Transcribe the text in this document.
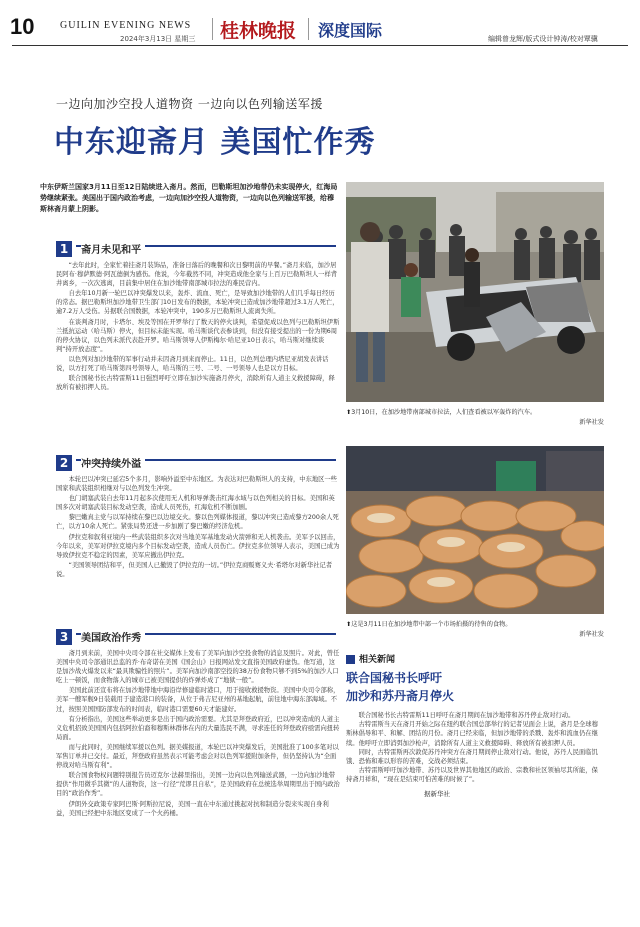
10	GUILIN EVENING NEWS
2024年3月13日 星期三 桂林晚报 深度国际	编辑曾龙辉/版式设计钟涛/校对覃骥
一边向加沙空投人道物资 一边向以色列输送军援
中东迎斋月 美国忙作秀
中东伊斯兰国家3月11日至12日陆续进入斋月。然而，巴勒斯坦加沙地带仍未实现停火，红海局势继续紧张。美国出于国内政治考虑，一边向加沙空投人道物资，一边向以色列输送军援，给穆斯林斋月蒙上阴影。
1 斋月未见和平

“去年此时，全家忙着挂斋月装饰品，准备日落后的晚餐和次日黎明前的早餐。”斋月来临，加沙居民阿布·穆萨默德·阿瓦德倒为感伤。他说，今年截然不同，冲突造成他全家与上百万巴勒斯坦人一样背井离乡，一次次逃离，目前集中居住在加沙地带南部城市拉法的难民营内。

自去年10月新一轮巴以冲突爆发以来，轰炸、流血、死亡，是导致加沙地带的人们几乎每日经历的常态。据巴勒斯坦加沙地带卫生部门10日发布的数据，本轮冲突已造成加沙地带超过3.1万人死亡，逾7.2万人受伤。另据联合国数据，本轮冲突中，190多万巴勒斯坦人流离失所。

在谈判斋月时，卡塔尔、埃及等国在开罗举行了数天的停火谈判，希望促成以色列与巴勒斯坦伊斯兰抵抗运动（哈马斯）停火，但目标未能实现。哈马斯谈代表参谈到，但没有接受提出的一份为期6周的停火协议，以色列未派代表赴开罗。哈马斯领导人伊斯梅尔·哈尼亚10日表示，哈马斯对继续谈判“持开放态度”。

以色列对加沙地带的军事行动并未因斋月到来而停止。11日，以色列总理内塔尼亚胡发表讲话说，以方打死了哈马斯第四号领导人，哈马斯的三号、二号、一号领导人也是以方目标。

联合国秘书长古特雷斯11日强烈呼吁立即在加沙实施斋月停火，消除所有人道主义救援障碍，释放所有被扣押人员。

2 冲突持续外溢

本轮巴以冲突已延宕5个多月，影响外溢至中东地区。为表达对巴勒斯坦人的支持，中东地区一些国家和武装组织相继对与以色列发生冲突。

也门胡塞武装自去年11月起多次使用无人机和导弹袭击红海水域与以色列相关的目标。美国和英国多次对胡塞武装目标发动空袭，造成人员死伤，红海危机不断加剧。

黎巴嫩真主党与以军持续在黎巴以边境交火。黎以色列媒体报道，黎以冲突已造成黎方200余人死亡，以方10余人死亡。紧张局势还进一步加剧了黎巴嫩的经济危机。

伊拉克和叙利亚境内一些武装组织多次对当地美军基地发动火箭弹和无人机袭击。美军予以回击，今年以来，美军对伊拉克境内多个目标发动空袭，造成人员伤亡。伊拉克多位领导人表示，美国已成为导致伊拉克不稳定的因素，美军应撤出伊拉克。

“美国领导团结和平，但美国人已撤毁了伊拉克的一切。”伊拉克商贩赛义夫·希塔尔对新华社记者说。

3 美国政治作秀

斋月到来前，美国中央司令部在社交媒体上发布了美军向加沙空投食物的消息及照片。对此，曾任美国中央司令部通讯总监的乔·布奇诺在美国《国会山》日报网站发文直指美国政府虚伪。他写道，这是加沙战火爆发以来“最具欺骗性的照片”。美军向加沙南部空投的38万份食物只够不到5%的加沙人口吃上一顿饭，而食物落入的城市已被美国提供的炸弹炸成了“地狱一般”。

美国此前还宣布将在加沙地带地中海沿岸修建临时港口，用于接收救援物资。美国中央司令部称，美军一艘军舰9日装载用于建造港口的装备，从位于弗吉尼亚州的基地起航，前往地中海东部海域。不过，按照美国国防部发布的时间表，临时港口需要60天才能建好。

有分析指出，美国这些举动更多是出于国内政治需要。尤其是拜登政府近，巴以冲突造成的人道主义危机招致美国国内包括阿拉伯裔和穆斯林群体在内的大量选民不满，寻求连任的拜登政府亟需向扭转局面。

而与此同时，美国继续军援以色列。据美媒报道，本轮巴以冲突爆发后，美国批准了100多笔对以军售订单并已交付。最近，拜登政府虽然表示可能考虑会对以色列军援附加条件，但仍坚持认为“全面停战对哈马斯有利”。

联合国食物权问题特别报告员迈克尔·法赫里指出，美国一边向以色列输送武器，一边向加沙地带提供“作用微乎其微”的人道物资，这一行径“荒谬且自私”，是美国政府在总统选举周期里出于国内政治目的“政治作秀”。

伊朗外交政策专家阿巴斯·阿斯拉尼说，美国一直在中东通过挑起对抗和制造分裂来实现自身利益，美国已经把中东地区变成了一个火药桶。

⬆3月10日，在加沙地带南部城市拉法，人们查看被以军轰炸的汽车。
新华社发
⬆这是3月11日在加沙地带中部一个市场拍摄的待售的食物。
新华社发
相关新闻
联合国秘书长呼吁
加沙和苏丹斋月停火

联合国秘书长古特雷斯11日呼吁在斋月期间在加沙地带和苏丹停止敌对行动。

古特雷斯当天在斋月开始之际在纽约联合国总部举行的记者见面会上说，斋月是全球穆斯林倡导和平、和解、团结的月份。斋月已经来临，但加沙地带的杀戮、轰炸和流血仍在继续。他呼吁立即消弭加沙枪声，消除所有人道主义救援障碍、释放所有被扣押人员。

同时，古特雷斯再次敦促苏丹冲突方在斋月期间停止敌对行动。他说，苏丹人民面临饥饿、恐怖和难以形容的苦难，交战必须结束。

古特雷斯呼吁加沙地带、苏丹以及世界其他地区的政治、宗教和社区领袖尽其所能，保持斋月祥和，“现在是结束可怕苦难的时候了”。

据新华社
